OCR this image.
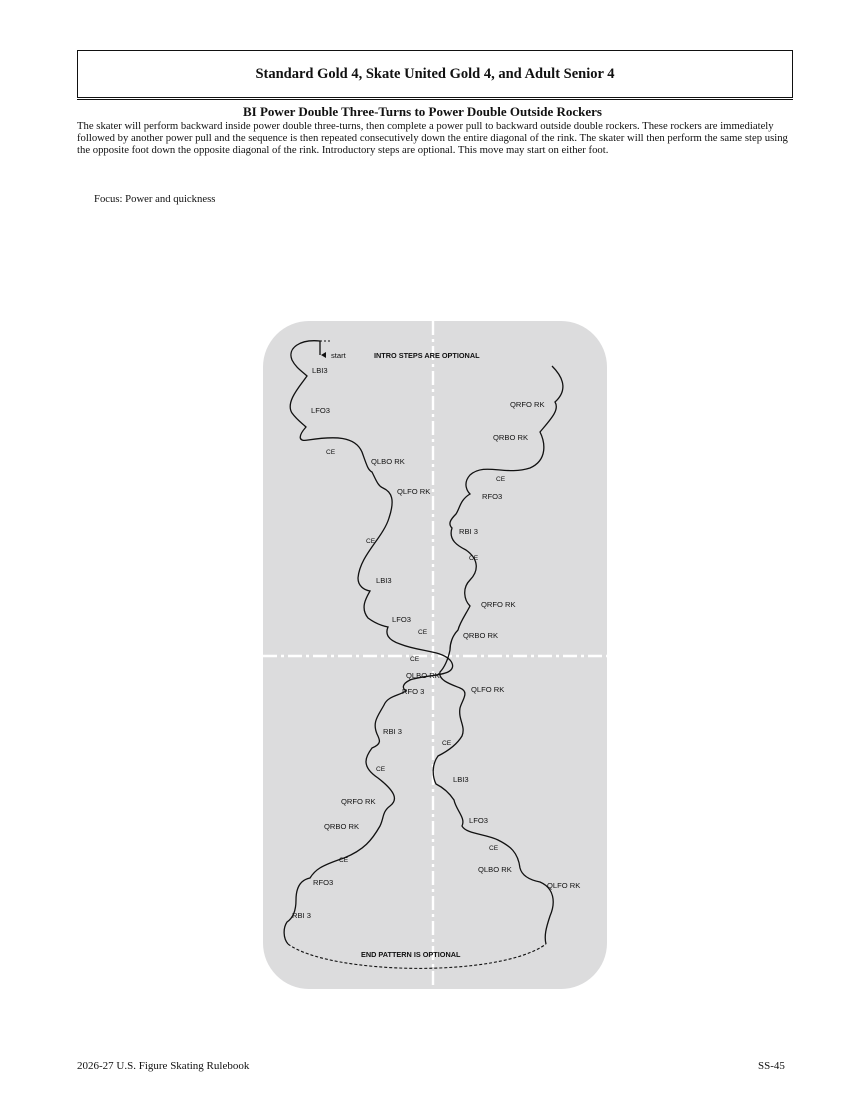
Standard Gold 4, Skate United Gold 4, and Adult Senior 4
BI Power Double Three-Turns to Power Double Outside Rockers

The skater will perform backward inside power double three-turns, then complete a power pull to backward outside double rockers. These rockers are immediately followed by another power pull and the sequence is then repeated consecutively down the entire diagonal of the rink. The skater will then perform the same step using the opposite foot down the opposite diagonal of the rink. Introductory steps are optional. This move may start on either foot.

Focus: Power and quickness
start	INTRO STEPS ARE OPTIONAL
END PATTERN IS OPTIONAL
LBI3
LFO3
CE
QLBO RK
QLFO RK
CE
LBI3
LFO3
CE
CE
QLBO RK
RFO 3
RBI 3
CE
QRFO RK
QRBO RK
CE
RFO3
RBI 3
QRFO RK
QRBO RK
CE
RFO3
RBI 3
CE
QRFO RK
QRBO RK
QLFO RK
CE
LBI3
LFO3
CE
QLBO RK
QLFO RK
2026-27 U.S. Figure Skating Rulebook	SS-45
